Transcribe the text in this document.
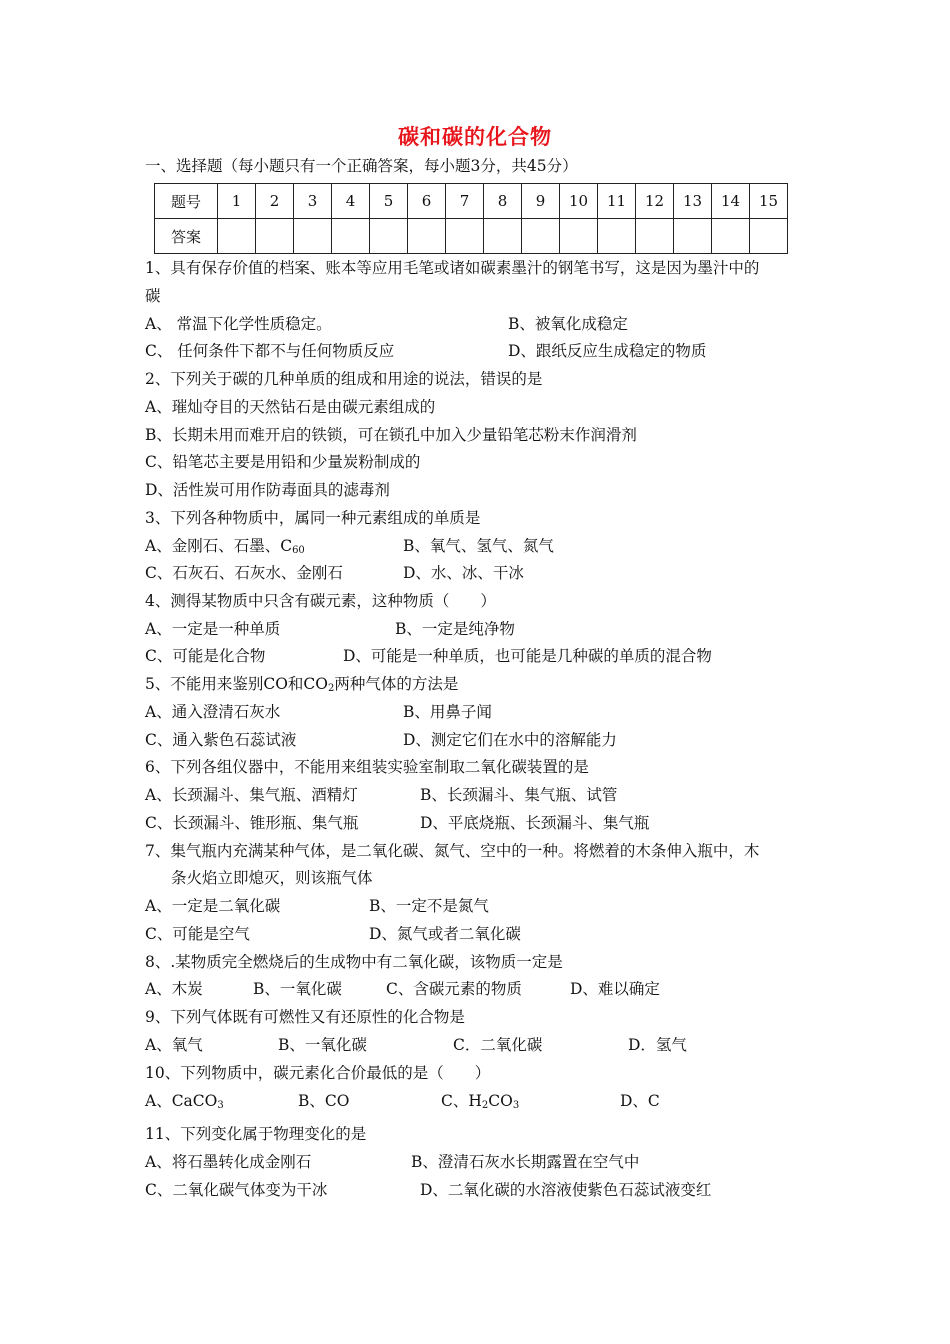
碳和碳的化合物
一、选择题（每小题只有一个正确答案，每小题3分，共45分）
题号	1	2	3	4	5	6	7	8	9	10	11	12	13	14	15
答案															
1、具有保存价值的档案、账本等应用毛笔或诸如碳素墨汁的钢笔书写，这是因为墨汁中的
碳
A、 常温下化学性质稳定。	B、被氧化成稳定
C、 任何条件下都不与任何物质反应	D、跟纸反应生成稳定的物质
2、下列关于碳的几种单质的组成和用途的说法，错误的是
A、璀灿夺目的天然钻石是由碳元素组成的
B、长期未用而难开启的铁锁，可在锁孔中加入少量铅笔芯粉末作润滑剂
C、铅笔芯主要是用铅和少量炭粉制成的
D、活性炭可用作防毒面具的滤毒剂
3、下列各种物质中，属同一种元素组成的单质是
A、金刚石、石墨、$C_{60}$	B、氧气、氢气、氮气
C、石灰石、石灰水、金刚石	D、水、冰、干冰
4、测得某物质中只含有碳元素，这种物质（　　）
A、一定是一种单质	B、一定是纯净物
C、可能是化合物	D、可能是一种单质，也可能是几种碳的单质的混合物
5、不能用来鉴别CO和$CO_2$两种气体的方法是
A、通入澄清石灰水	B、用鼻子闻
C、通入紫色石蕊试液	D、测定它们在水中的溶解能力
6、下列各组仪器中，不能用来组装实验室制取二氧化碳装置的是
A、长颈漏斗、集气瓶、酒精灯	B、长颈漏斗、集气瓶、试管
C、长颈漏斗、锥形瓶、集气瓶	D、平底烧瓶、长颈漏斗、集气瓶
7、集气瓶内充满某种气体，是二氧化碳、氮气、空中的一种。将燃着的木条伸入瓶中，木
条火焰立即熄灭，则该瓶气体
A、一定是二氧化碳	B、一定不是氮气
C、可能是空气	D、氮气或者二氧化碳
8、.某物质完全燃烧后的生成物中有二氧化碳，该物质一定是
A、木炭	B、一氧化碳	C、含碳元素的物质	D、难以确定
9、下列气体既有可燃性又有还原性的化合物是
A、氧气	B、一氧化碳	C．二氧化碳	D．氢气
10、下列物质中，碳元素化合价最低的是（　　）
A、CaCO$_3$	B、CO	C、$H_2CO_3$	D、C
11、下列变化属于物理变化的是
A、将石墨转化成金刚石	B、澄清石灰水长期露置在空气中
C、二氧化碳气体变为干冰	D、二氧化碳的水溶液使紫色石蕊试液变红
